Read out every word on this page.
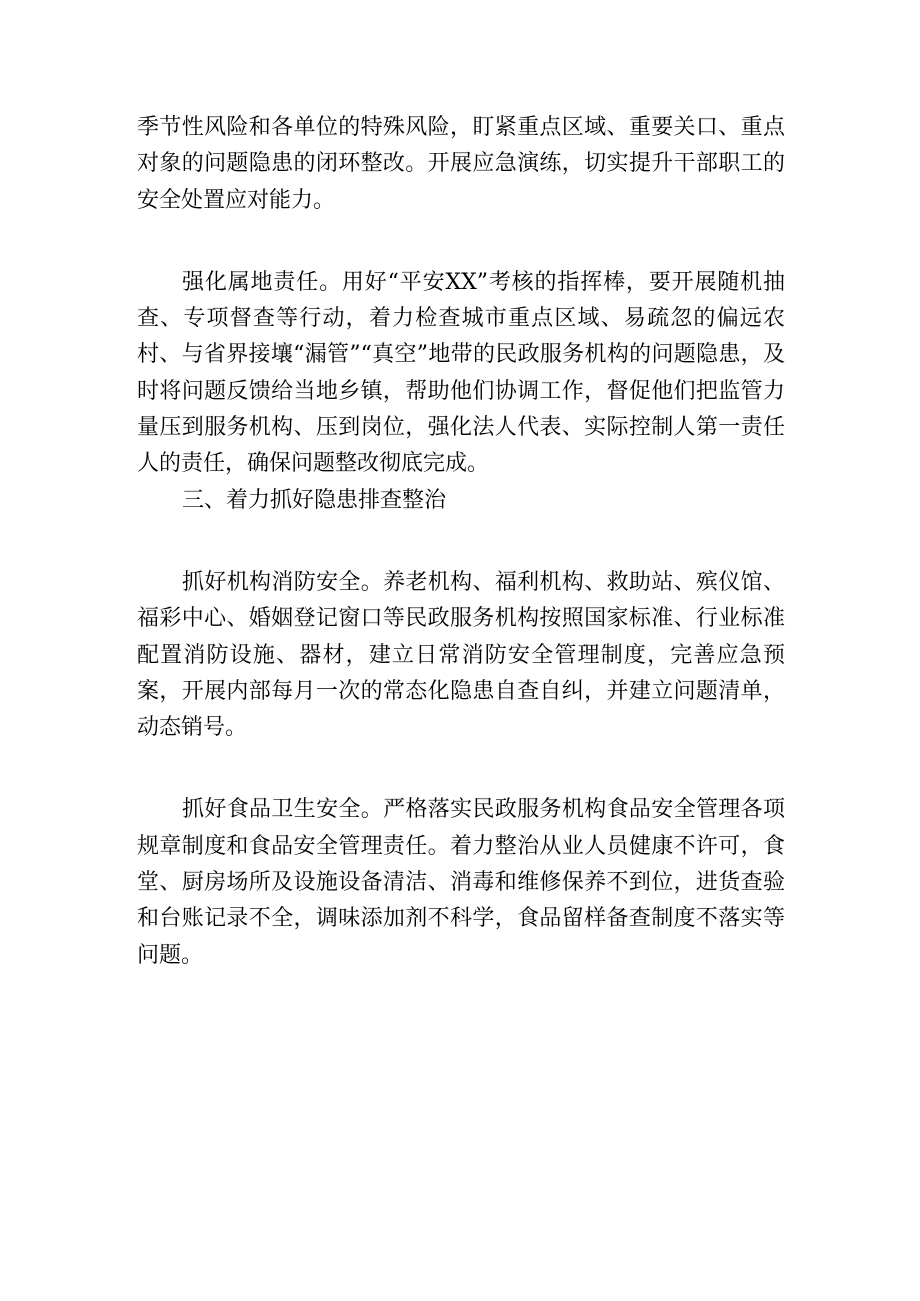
季节性风险和各单位的特殊风险，盯紧重点区域、重要关口、重点对象的问题隐患的闭环整改。开展应急演练，切实提升干部职工的安全处置应对能力。

强化属地责任。用好“平安XX”考核的指挥棒，要开展随机抽查、专项督查等行动，着力检查城市重点区域、易疏忽的偏远农村、与省界接壤“漏管”“真空”地带的民政服务机构的问题隐患，及时将问题反馈给当地乡镇，帮助他们协调工作，督促他们把监管力量压到服务机构、压到岗位，强化法人代表、实际控制人第一责任人的责任，确保问题整改彻底完成。

三、着力抓好隐患排查整治

抓好机构消防安全。养老机构、福利机构、救助站、殡仪馆、福彩中心、婚姻登记窗口等民政服务机构按照国家标准、行业标准配置消防设施、器材，建立日常消防安全管理制度，完善应急预案，开展内部每月一次的常态化隐患自查自纠，并建立问题清单，动态销号。

抓好食品卫生安全。严格落实民政服务机构食品安全管理各项规章制度和食品安全管理责任。着力整治从业人员健康不许可，食堂、厨房场所及设施设备清洁、消毒和维修保养不到位，进货查验和台账记录不全，调味添加剂不科学，食品留样备查制度不落实等问题。
